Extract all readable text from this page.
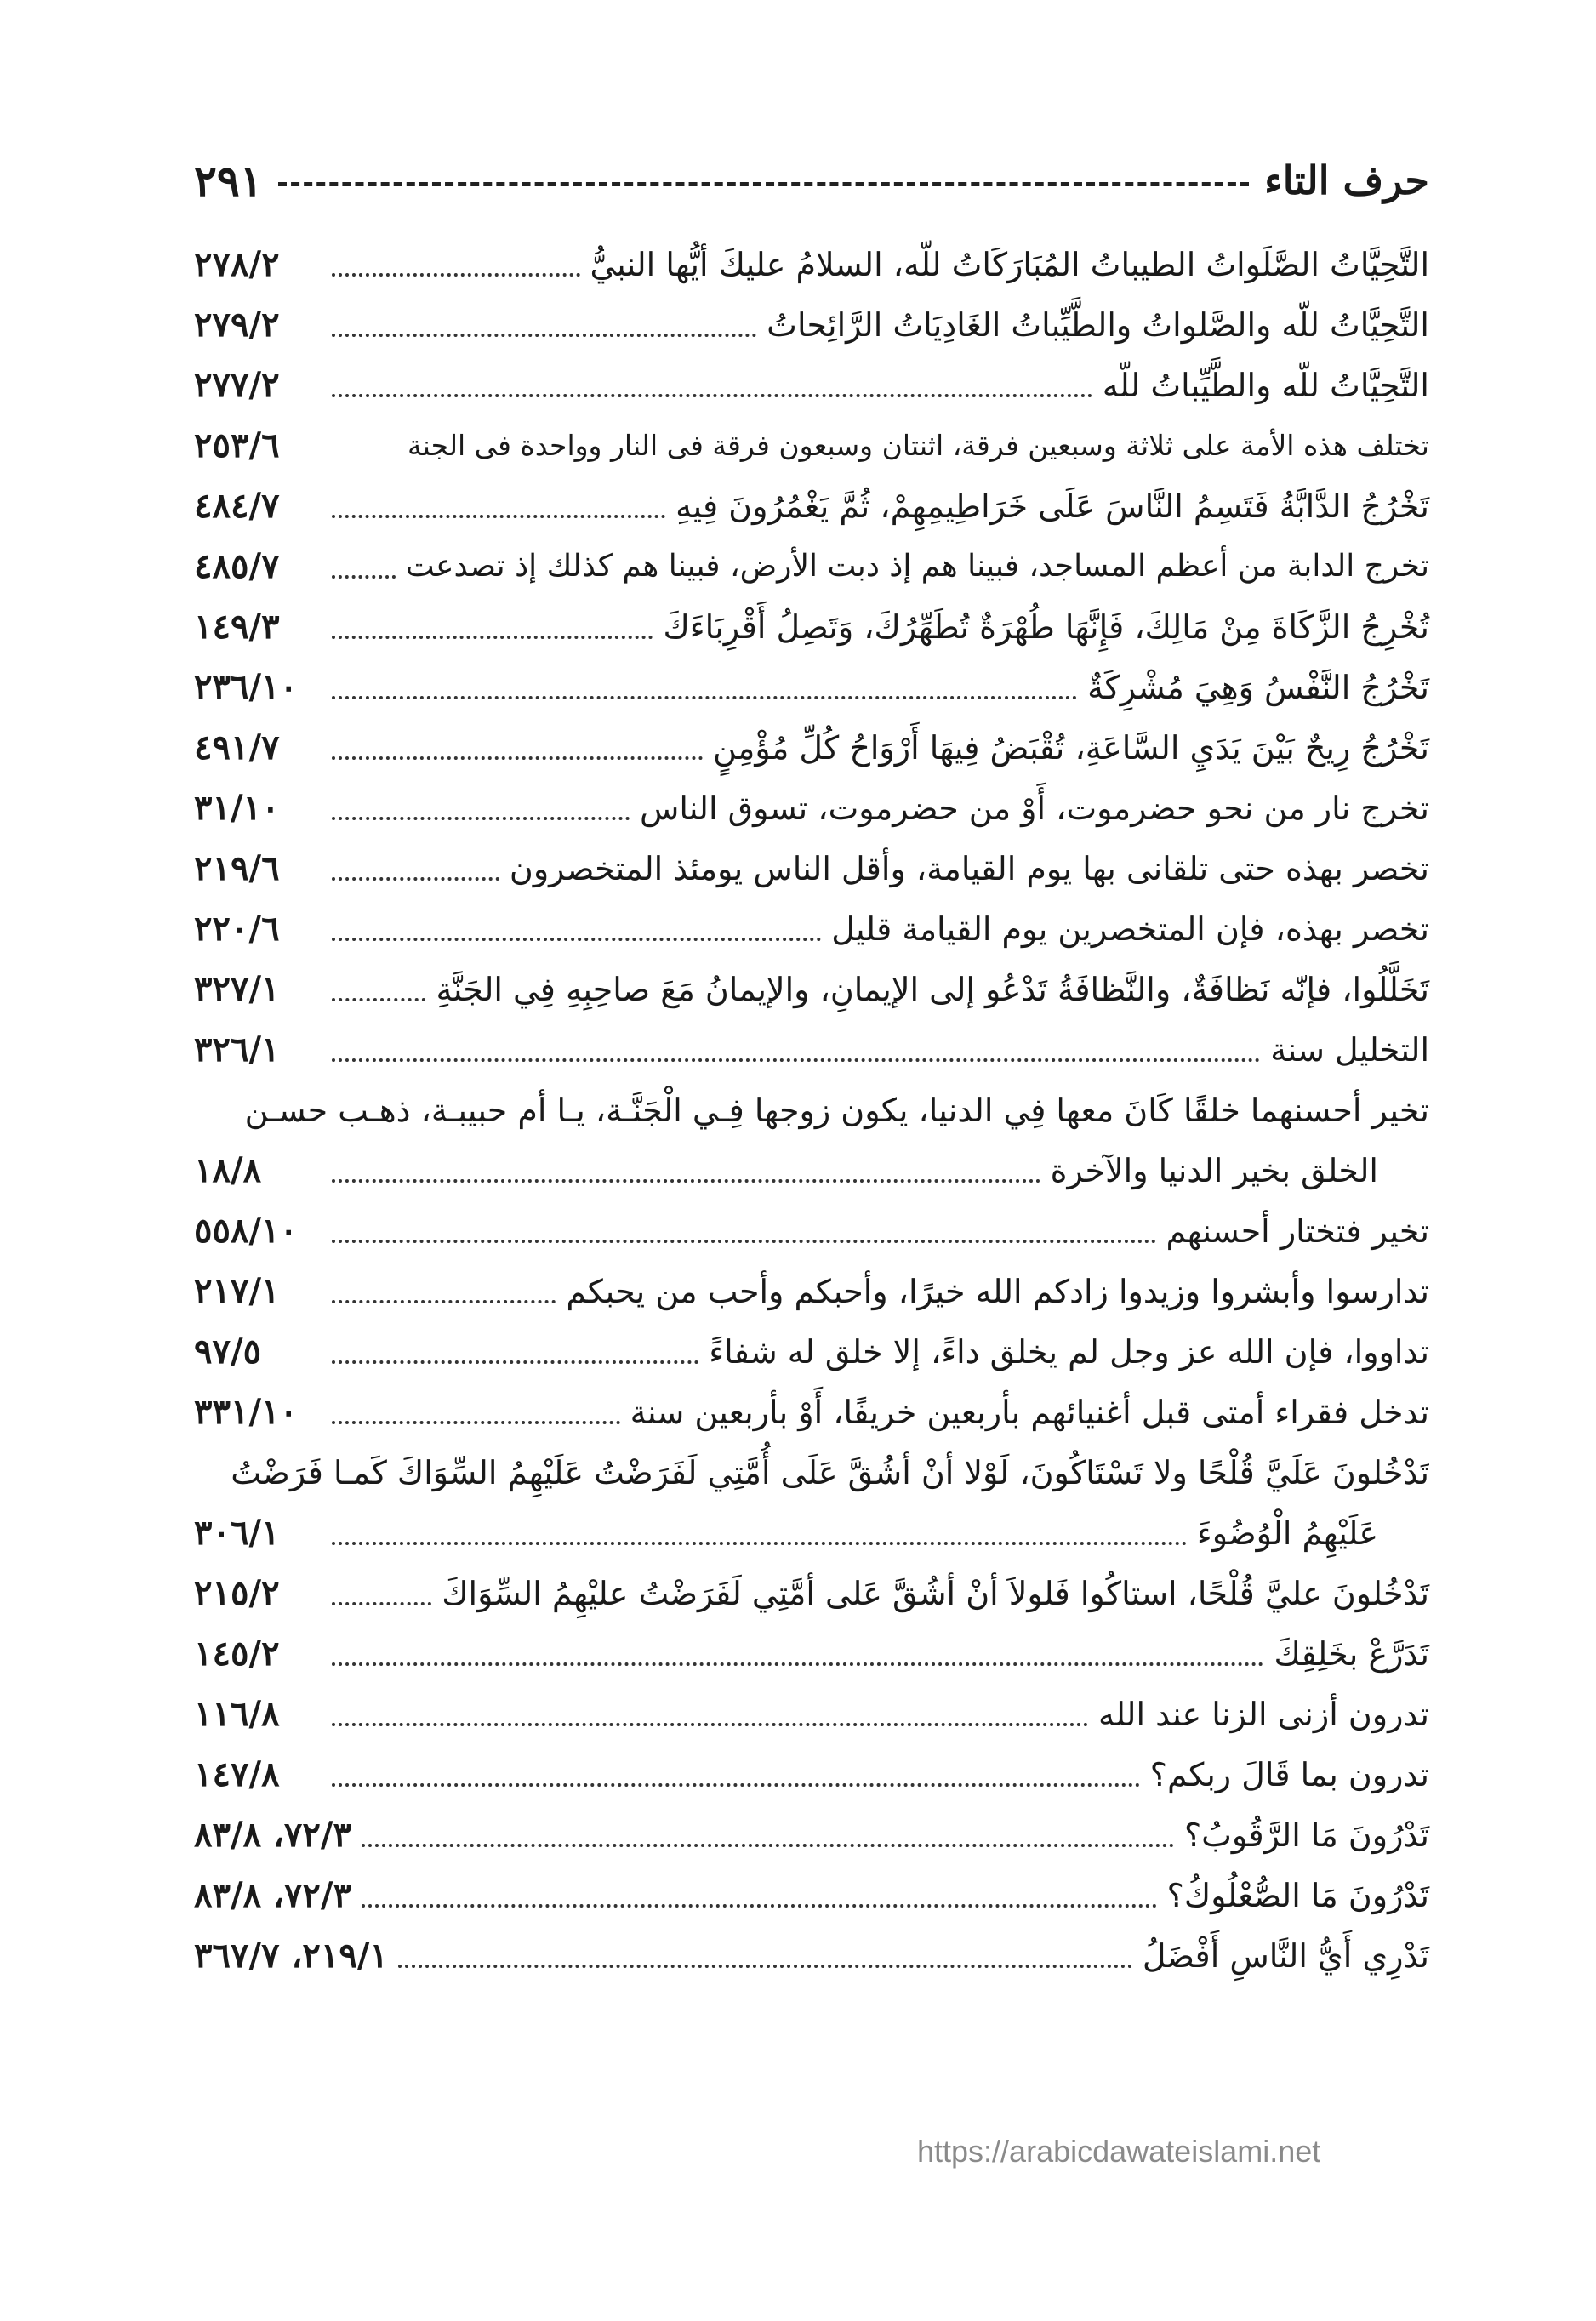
حرف التاء
٢٩١
التَّحِيَّاتُ الصَّلَواتُ الطيباتُ المُبَارَكَاتُ للّه، السلامُ عليكَ أيُّها النبيُّ
٢٧٨/٢
التَّحِيَّاتُ للّه والصَّلواتُ والطَّيِّباتُ الغَادِيَاتُ الرَّائِحاتُ
٢٧٩/٢
التَّحِيَّاتُ للّه والطَّيِّباتُ للّه
٢٧٧/٢
تختلف هذه الأمة على ثلاثة وسبعين فرقة، اثنتان وسبعون فرقة فى النار وواحدة فى الجنة
٢٥٣/٦
تَخْرُجُ الدَّابَّةُ فَتَسِمُ النَّاسَ عَلَى خَرَاطِيمِهِمْ، ثُمَّ يَغْمُرُونَ فِيهِ
٤٨٤/٧
تخرج الدابة من أعظم المساجد، فبينا هم إذ دبت الأرض، فبينا هم كذلك إذ تصدعت
٤٨٥/٧
تُخْرِجُ الزَّكَاةَ مِنْ مَالِكَ، فَإِنَّهَا طُهْرَةٌ تُطَهِّرُكَ، وَتَصِلُ أَقْرِبَاءَكَ
١٤٩/٣
تَخْرُجُ النَّفْسُ وَهِيَ مُشْرِكَةٌ
٢٣٦/١٠
تَخْرُجُ رِيحٌ بَيْنَ يَدَيِ السَّاعَةِ، تُقْبَضُ فِيهَا أَرْوَاحُ كُلِّ مُؤْمِنٍ
٤٩١/٧
تخرج نار من نحو حضرموت، أَوْ من حضرموت، تسوق الناس
٣١/١٠
تخصر بهذه حتى تلقانى بها يوم القيامة، وأقل الناس يومئذ المتخصرون
٢١٩/٦
تخصر بهذه، فإن المتخصرين يوم القيامة قليل
٢٢٠/٦
تَخَلَّلُوا، فإنّه نَظافَةٌ، والنَّظافَةُ تَدْعُو إلى الإيمانِ، والإيمانُ مَعَ صاحِبِهِ فِي الجَنَّةِ
٣٢٧/١
التخليل سنة
٣٢٦/١
تخير أحسنهما خلقًا كَانَ معها فِي الدنيا، يكون زوجها فِـي الْجَنَّـة، يـا أم حبيبـة، ذهـب حسـن
الخلق بخير الدنيا والآخرة
١٨/٨
تخير فتختار أحسنهم
٥٥٨/١٠
تدارسوا وأبشروا وزيدوا زادكم الله خيرًا، وأحبكم وأحب من يحبكم
٢١٧/١
تداووا، فإن الله عز وجل لم يخلق داءً، إلا خلق له شفاءً
٩٧/٥
تدخل فقراء أمتى قبل أغنيائهم بأربعين خريفًا، أَوْ بأربعين سنة
٣٣١/١٠
تَدْخُلونَ عَلَيَّ قُلْحًا ولا تَسْتَاكُونَ، لَوْلا أنْ أشُقَّ عَلَى أُمَّتِي لَفَرَضْتُ عَلَيْهِمُ السِّوَاكَ كَمـا فَرَضْتُ
عَلَيْهِمُ الْوُضُوءَ
٣٠٦/١
تَدْخُلونَ عليَّ قُلْحًا، استاكُوا فَلولاَ أنْ أشُقَّ عَلى أمَّتِي لَفَرَضْتُ عليْهِمُ السِّوَاكَ
٢١٥/٢
تَدَرَّعْ بخَلِقِكَ
١٤٥/٢
تدرون أزنى الزنا عند الله
١١٦/٨
تدرون بما قَالَ ربكم؟
١٤٧/٨
تَدْرُونَ مَا الرَّقُوبُ؟
٧٢/٣، ٨٣/٨
تَدْرُونَ مَا الصُّعْلُوكُ؟
٧٢/٣، ٨٣/٨
تَدْرِي أَيُّ النَّاسِ أَفْضَلُ
٢١٩/١، ٣٦٧/٧
https://arabicdawateislami.net
